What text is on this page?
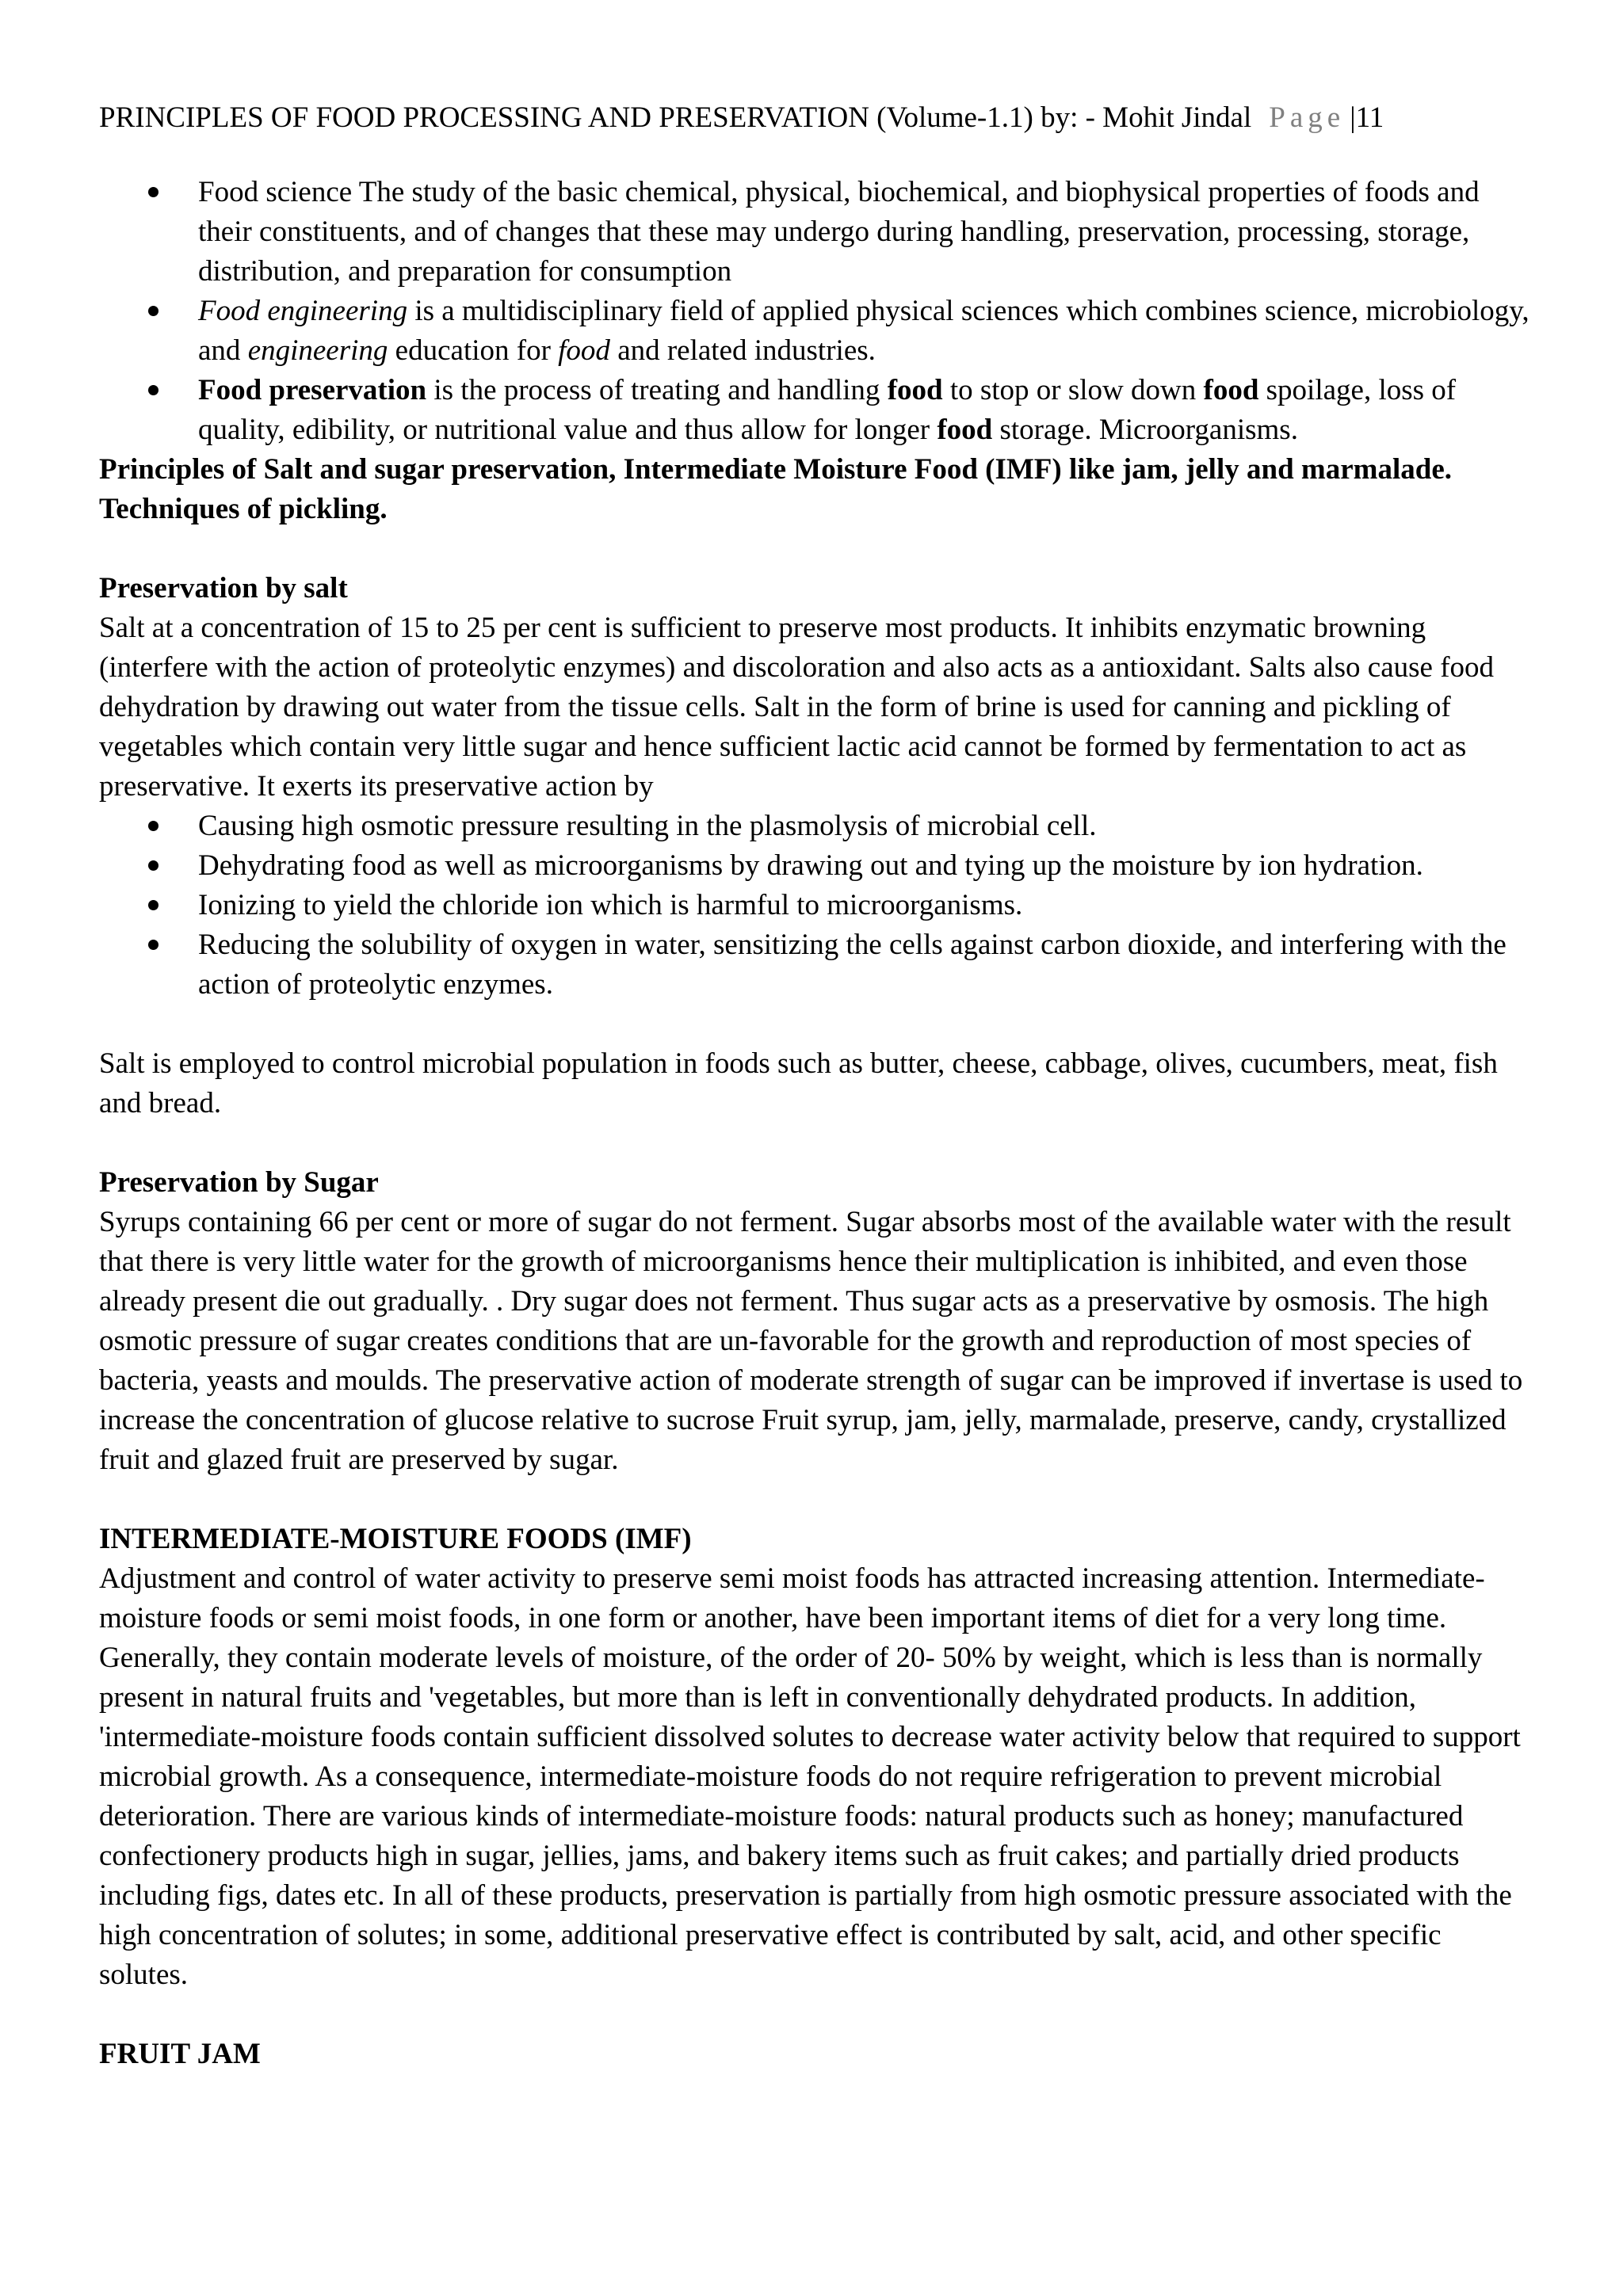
PRINCIPLES OF FOOD PROCESSING AND PRESERVATION (Volume-1.1) by: - Mohit Jindal Page |11
Food science The study of the basic chemical, physical, biochemical, and biophysical properties of foods and their constituents, and of changes that these may undergo during handling, preservation, processing, storage, distribution, and preparation for consumption
Food engineering is a multidisciplinary field of applied physical sciences which combines science, microbiology, and engineering education for food and related industries.
Food preservation is the process of treating and handling food to stop or slow down food spoilage, loss of quality, edibility, or nutritional value and thus allow for longer food storage. Microorganisms.

Principles of Salt and sugar preservation, Intermediate Moisture Food (IMF) like jam, jelly and marmalade. Techniques of pickling.

Preservation by salt

Salt at a concentration of 15 to 25 per cent is sufficient to preserve most products. It inhibits enzymatic browning (interfere with the action of proteolytic enzymes) and discoloration and also acts as a antioxidant. Salts also cause food dehydration by drawing out water from the tissue cells. Salt in the form of brine is used for canning and pickling of vegetables which contain very little sugar and hence sufficient lactic acid cannot be formed by fermentation to act as preservative. It exerts its preservative action by

Causing high osmotic pressure resulting in the plasmolysis of microbial cell.
Dehydrating food as well as microorganisms by drawing out and tying up the moisture by ion hydration.
Ionizing to yield the chloride ion which is harmful to microorganisms.
Reducing the solubility of oxygen in water, sensitizing the cells against carbon dioxide, and interfering with the action of proteolytic enzymes.

Salt is employed to control microbial population in foods such as butter, cheese, cabbage, olives, cucumbers, meat, fish and bread.

Preservation by Sugar

Syrups containing 66 per cent or more of sugar do not ferment. Sugar absorbs most of the available water with the result that there is very little water for the growth of microorganisms hence their multiplication is inhibited, and even those already present die out gradually. . Dry sugar does not ferment. Thus sugar acts as a preservative by osmosis. The high osmotic pressure of sugar creates conditions that are un-favorable for the growth and reproduction of most species of bacteria, yeasts and moulds. The preservative action of moderate strength of sugar can be improved if invertase is used to increase the concentration of glucose relative to sucrose Fruit syrup, jam, jelly, marmalade, preserve, candy, crystallized fruit and glazed fruit are preserved by sugar.

INTERMEDIATE-MOISTURE FOODS (IMF)

Adjustment and control of water activity to preserve semi moist foods has attracted increasing attention. Intermediate-moisture foods or semi moist foods, in one form or another, have been important items of diet for a very long time. Generally, they contain moderate levels of moisture, of the order of 20- 50% by weight, which is less than is normally present in natural fruits and 'vegetables, but more than is left in conventionally dehydrated products. In addition, 'intermediate-moisture foods contain sufficient dissolved solutes to decrease water activity below that required to support microbial growth. As a consequence, intermediate-moisture foods do not require refrigeration to prevent microbial deterioration. There are various kinds of intermediate-moisture foods: natural products such as honey; manufactured confectionery products high in sugar, jellies, jams, and bakery items such as fruit cakes; and partially dried products including figs, dates etc. In all of these products, preservation is partially from high osmotic pressure associated with the high concentration of solutes; in some, additional preservative effect is contributed by salt, acid, and other specific solutes.

FRUIT JAM
